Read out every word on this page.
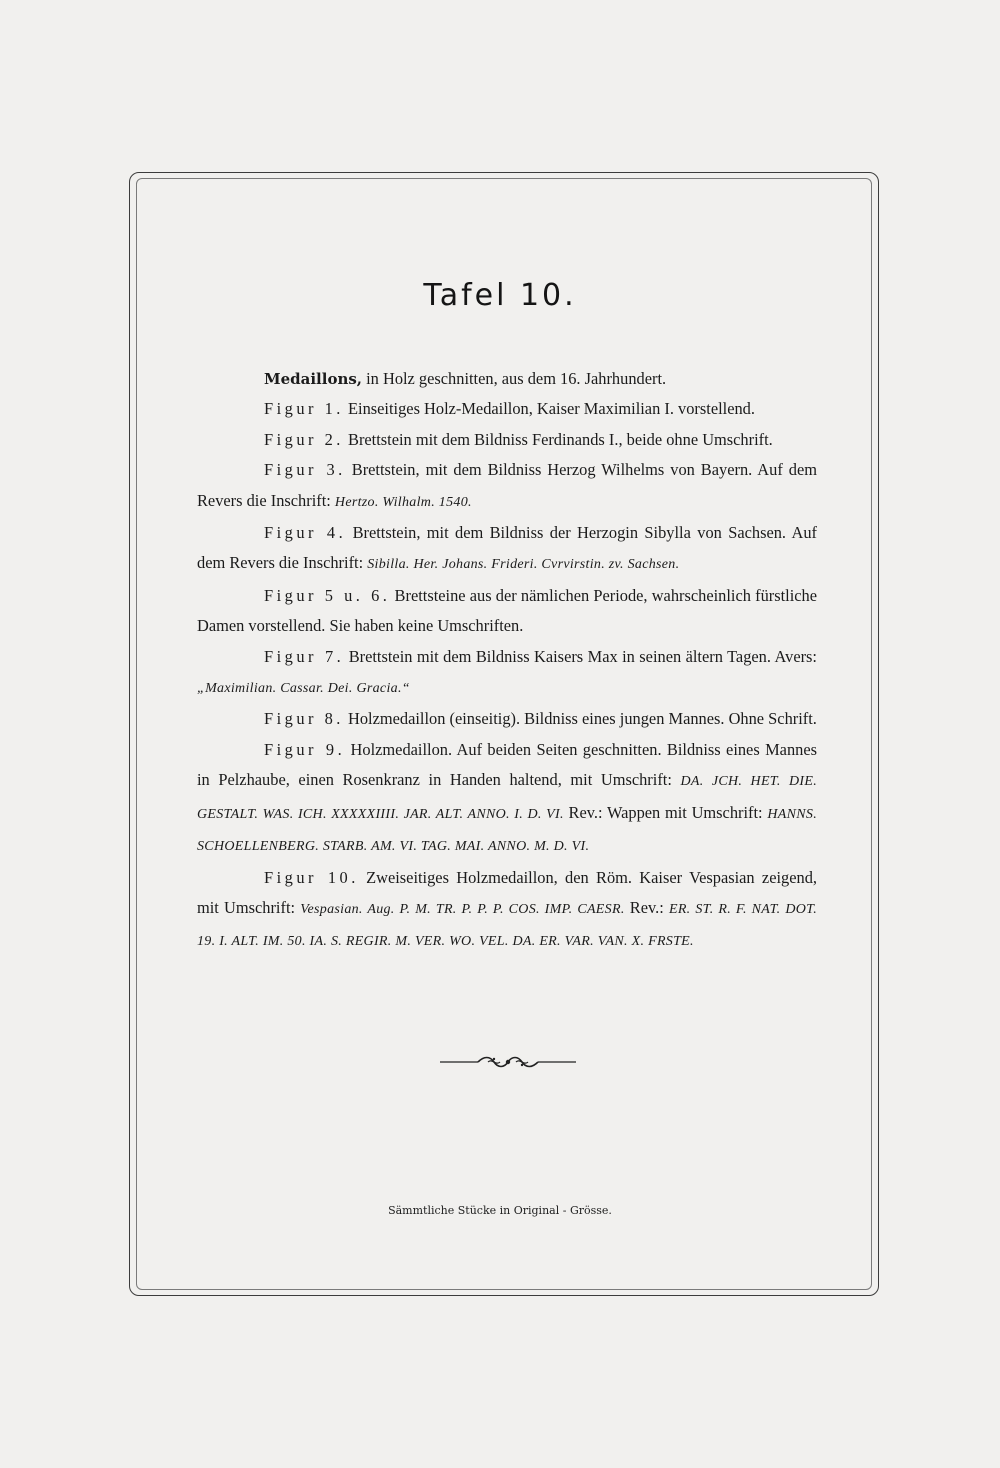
Tafel 10.

Medaillons, in Holz geschnitten, aus dem 16. Jahrhundert.

Figur 1. Einseitiges Holz-Medaillon, Kaiser Maximilian I. vorstellend.

Figur 2. Brettstein mit dem Bildniss Ferdinands I., beide ohne Umschrift.

Figur 3. Brettstein, mit dem Bildniss Herzog Wilhelms von Bayern. Auf dem Revers die Inschrift: Hertzo. Wilhalm. 1540.

Figur 4. Brettstein, mit dem Bildniss der Herzogin Sibylla von Sachsen. Auf dem Revers die Inschrift: Sibilla. Her. Johans. Frideri. Cvrvirstin. zv. Sachsen.

Figur 5 u. 6. Brettsteine aus der nämlichen Periode, wahrscheinlich fürstliche Damen vorstellend. Sie haben keine Umschriften.

Figur 7. Brettstein mit dem Bildniss Kaisers Max in seinen ältern Tagen. Avers: „Maximilian. Cassar. Dei. Gracia.“

Figur 8. Holzmedaillon (einseitig). Bildniss eines jungen Mannes. Ohne Schrift.

Figur 9. Holzmedaillon. Auf beiden Seiten geschnitten. Bildniss eines Mannes in Pelzhaube, einen Rosenkranz in Handen haltend, mit Umschrift: DA. JCH. HET. DIE. GESTALT. WAS. ICH. XXXXXIIII. JAR. ALT. ANNO. I. D. VI. Rev.: Wappen mit Umschrift: HANNS. SCHOELLENBERG. STARB. AM. VI. TAG. MAI. ANNO. M. D. VI.

Figur 10. Zweiseitiges Holzmedaillon, den Röm. Kaiser Vespasian zeigend, mit Umschrift: Vespasian. Aug. P. M. TR. P. P. P. COS. IMP. CAESR. Rev.: ER. ST. R. F. NAT. DOT. 19. I. ALT. IM. 50. IA. S. REGIR. M. VER. WO. VEL. DA. ER. VAR. VAN. X. FRSTE.

Sämmtliche Stücke in Original - Grösse.
